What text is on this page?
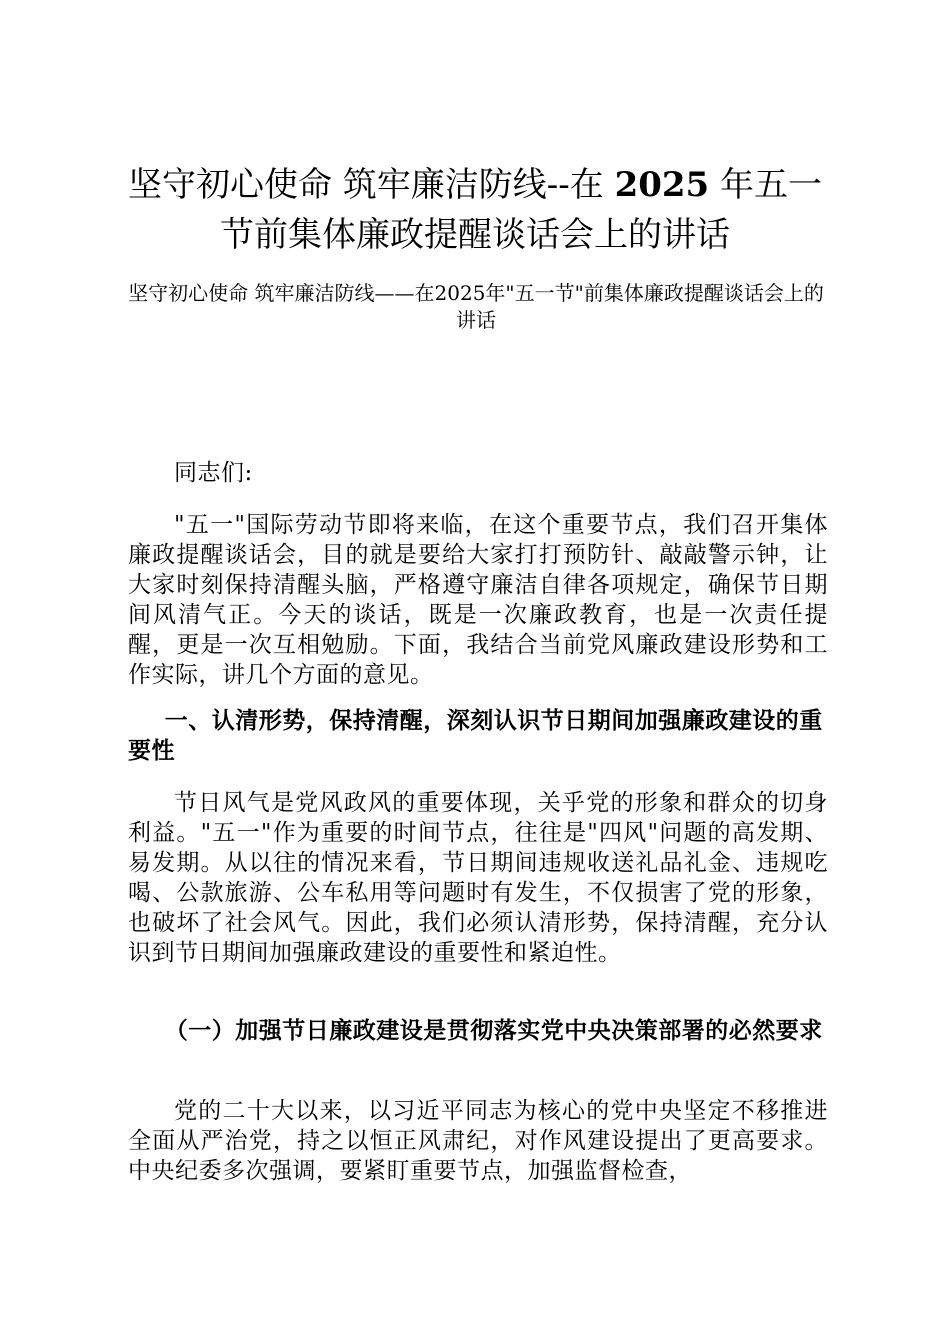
坚守初心使命 筑牢廉洁防线--在 2025 年五一节前集体廉政提醒谈话会上的讲话

坚守初心使命 筑牢廉洁防线——在2025年"五一节"前集体廉政提醒谈话会上的讲话

同志们:

"五一"国际劳动节即将来临，在这个重要节点，我们召开集体廉政提醒谈话会，目的就是要给大家打打预防针、敲敲警示钟，让大家时刻保持清醒头脑，严格遵守廉洁自律各项规定，确保节日期间风清气正。今天的谈话，既是一次廉政教育，也是一次责任提醒，更是一次互相勉励。下面，我结合当前党风廉政建设形势和工作实际，讲几个方面的意见。

一、认清形势，保持清醒，深刻认识节日期间加强廉政建设的重要性

节日风气是党风政风的重要体现，关乎党的形象和群众的切身利益。"五一"作为重要的时间节点，往往是"四风"问题的高发期、易发期。从以往的情况来看，节日期间违规收送礼品礼金、违规吃喝、公款旅游、公车私用等问题时有发生，不仅损害了党的形象，也破坏了社会风气。因此，我们必须认清形势，保持清醒，充分认识到节日期间加强廉政建设的重要性和紧迫性。

（一）加强节日廉政建设是贯彻落实党中央决策部署的必然要求

党的二十大以来，以习近平同志为核心的党中央坚定不移推进全面从严治党，持之以恒正风肃纪，对作风建设提出了更高要求。中央纪委多次强调，要紧盯重要节点，加强监督检查，
